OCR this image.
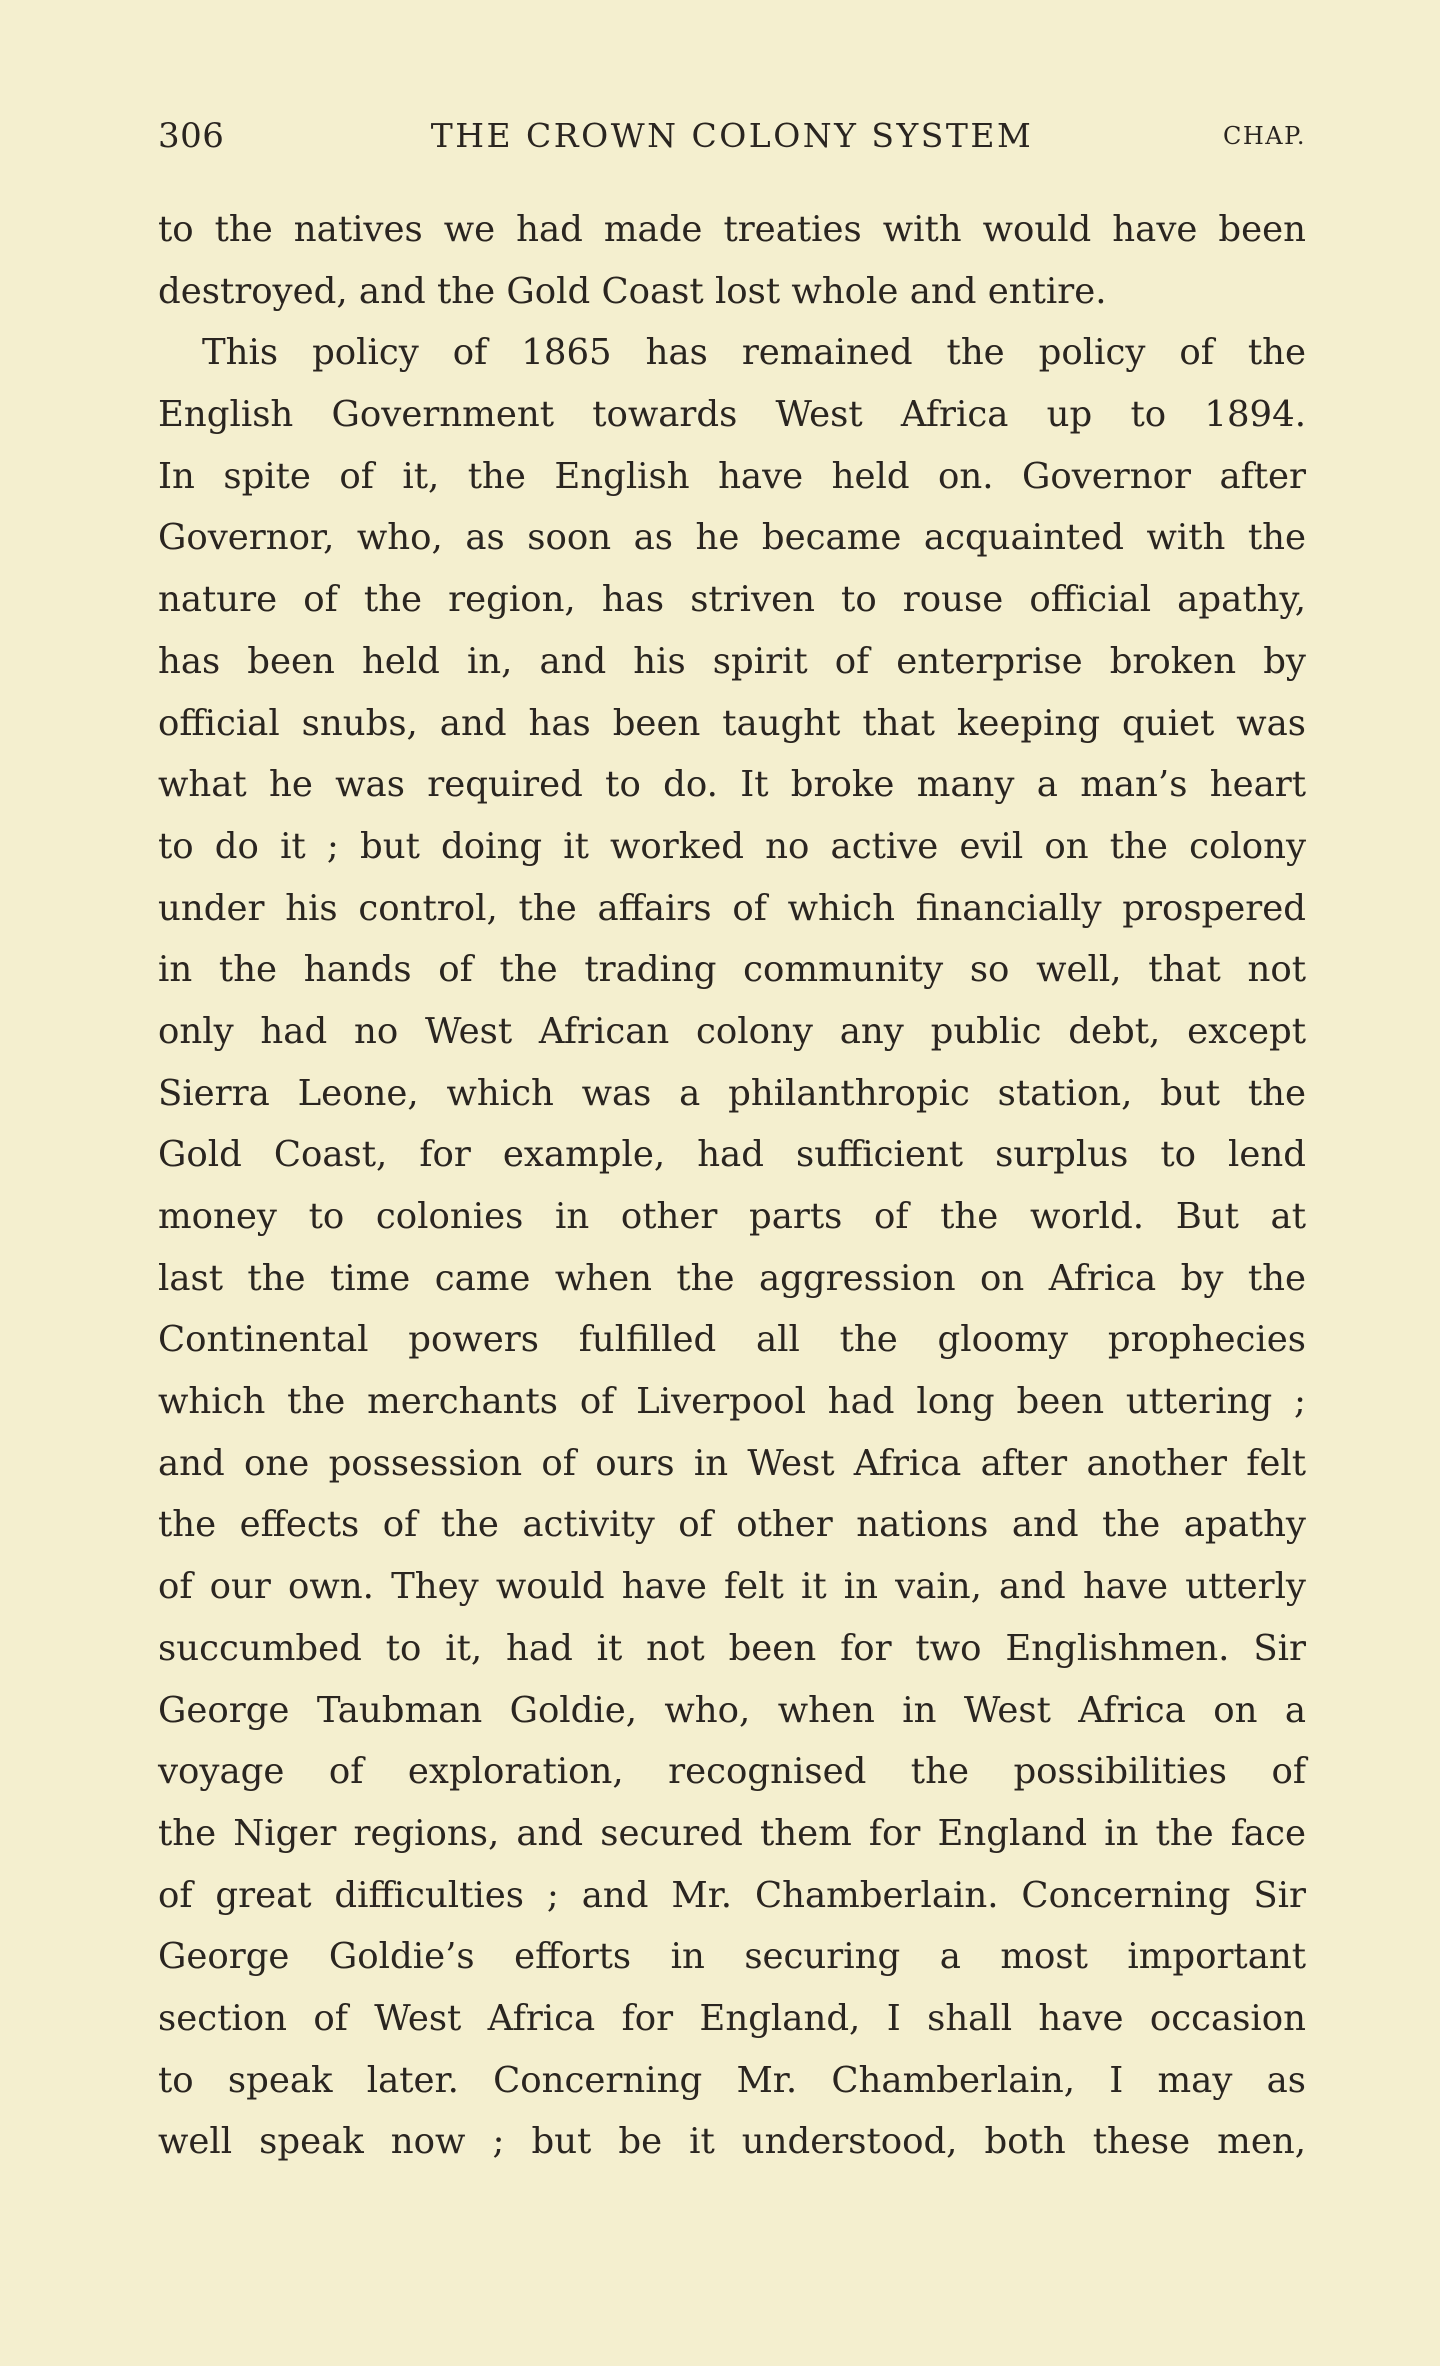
306	THE CROWN COLONY SYSTEM	CHAP.
to the natives we had made treaties with would have been
destroyed, and the Gold Coast lost whole and entire.
This policy of 1865 has remained the policy of the
English Government towards West Africa up to 1894.
In spite of it, the English have held on. Governor after
Governor, who, as soon as he became acquainted with the
nature of the region, has striven to rouse official apathy,
has been held in, and his spirit of enterprise broken by
official snubs, and has been taught that keeping quiet was
what he was required to do. It broke many a man’s heart
to do it ; but doing it worked no active evil on the colony
under his control, the affairs of which financially prospered
in the hands of the trading community so well, that not
only had no West African colony any public debt, except
Sierra Leone, which was a philanthropic station, but the
Gold Coast, for example, had sufficient surplus to lend
money to colonies in other parts of the world. But at
last the time came when the aggression on Africa by the
Continental powers fulfilled all the gloomy prophecies
which the merchants of Liverpool had long been uttering ;
and one possession of ours in West Africa after another felt
the effects of the activity of other nations and the apathy
of our own. They would have felt it in vain, and have utterly
succumbed to it, had it not been for two Englishmen. Sir
George Taubman Goldie, who, when in West Africa on a
voyage of exploration, recognised the possibilities of
the Niger regions, and secured them for England in the face
of great difficulties ; and Mr. Chamberlain. Concerning Sir
George Goldie’s efforts in securing a most important
section of West Africa for England, I shall have occasion
to speak later. Concerning Mr. Chamberlain, I may as
well speak now ; but be it understood, both these men,
